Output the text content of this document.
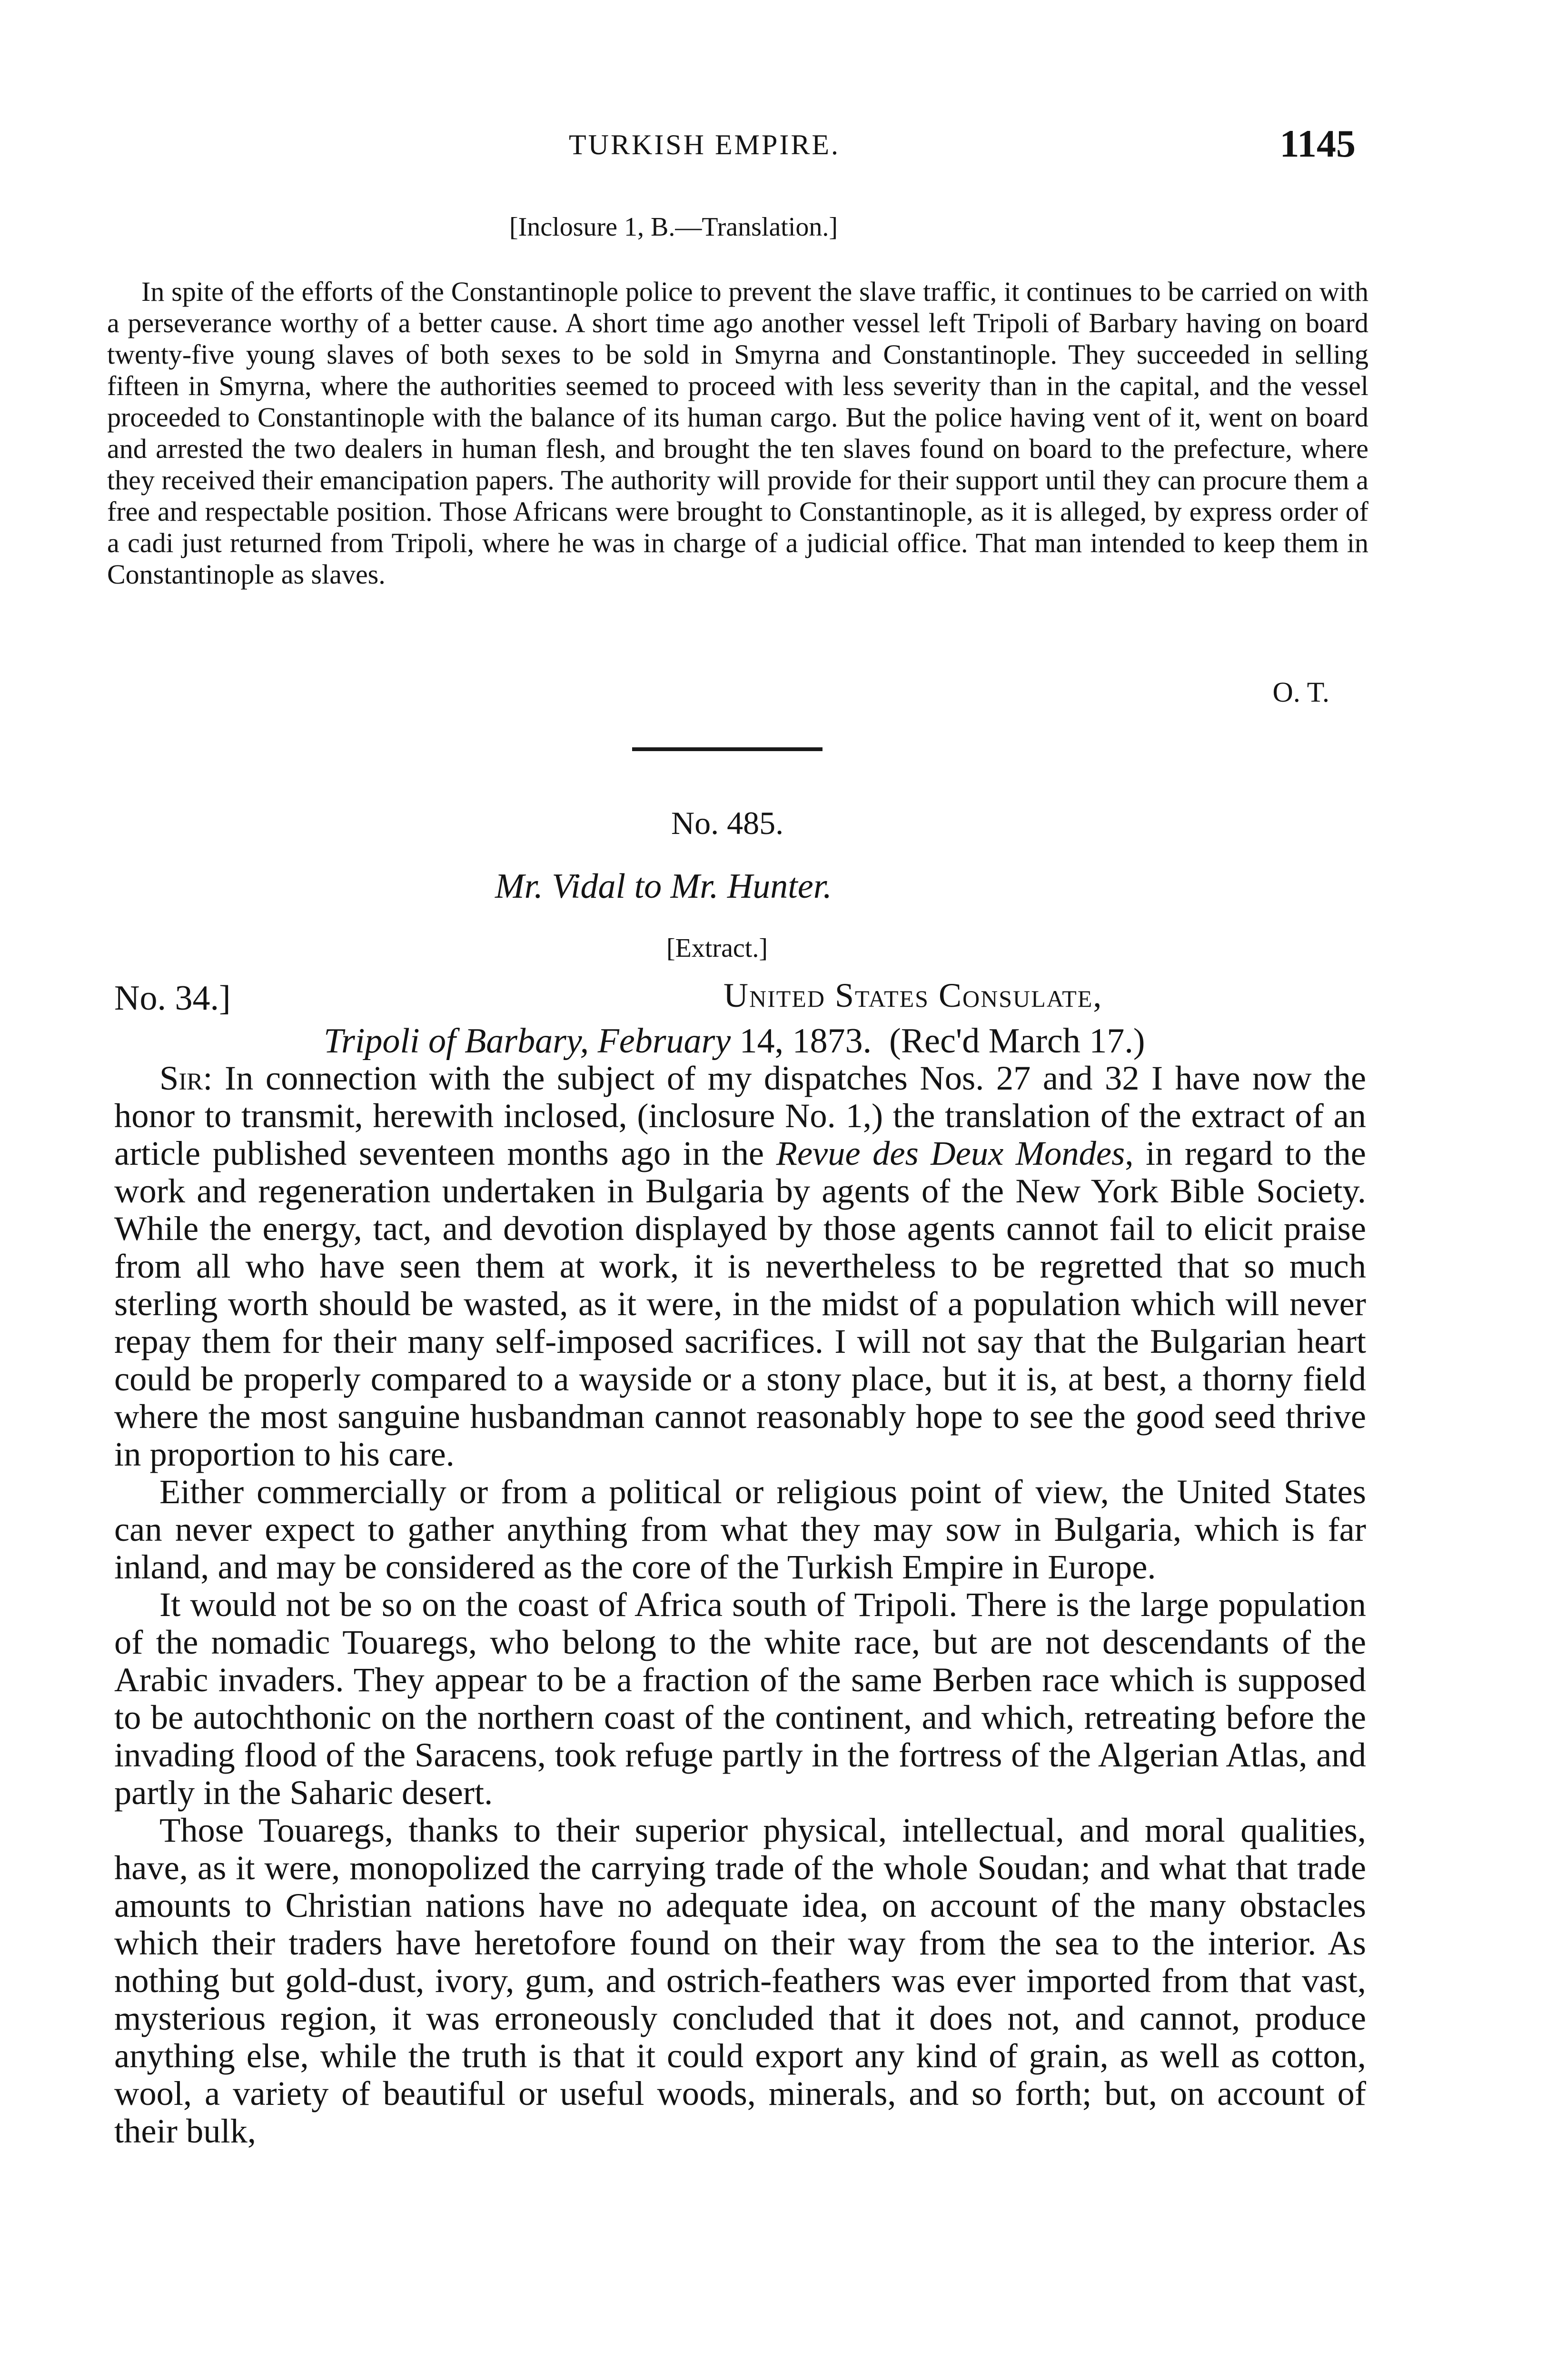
TURKISH EMPIRE.	1145
[Inclosure 1, B.—Translation.]

In spite of the efforts of the Constantinople police to prevent the slave traffic, it continues to be carried on with a perseverance worthy of a better cause. A short time ago another vessel left Tripoli of Barbary having on board twenty-five young slaves of both sexes to be sold in Smyrna and Constantinople. They succeeded in selling fifteen in Smyrna, where the authorities seemed to proceed with less severity than in the capital, and the vessel proceeded to Constantinople with the balance of its human cargo. But the police having vent of it, went on board and arrested the two dealers in human flesh, and brought the ten slaves found on board to the prefecture, where they received their emancipation papers. The authority will provide for their support until they can procure them a free and respectable position. Those Africans were brought to Constantinople, as it is alleged, by express order of a cadi just returned from Tripoli, where he was in charge of a judicial office. That man intended to keep them in Constantinople as slaves.

O. T.
No. 485.
Mr. Vidal to Mr. Hunter.
[Extract.]
No. 34.]	United States Consulate,
Tripoli of Barbary, February 14, 1873. (Rec'd March 17.)

Sir: In connection with the subject of my dispatches Nos. 27 and 32 I have now the honor to transmit, herewith inclosed, (inclosure No. 1,) the translation of the extract of an article published seventeen months ago in the Revue des Deux Mondes, in regard to the work and regeneration undertaken in Bulgaria by agents of the New York Bible Society. While the energy, tact, and devotion displayed by those agents cannot fail to elicit praise from all who have seen them at work, it is nevertheless to be regretted that so much sterling worth should be wasted, as it were, in the midst of a population which will never repay them for their many self-imposed sacrifices. I will not say that the Bulgarian heart could be properly compared to a wayside or a stony place, but it is, at best, a thorny field where the most sanguine husbandman cannot reasonably hope to see the good seed thrive in proportion to his care.

Either commercially or from a political or religious point of view, the United States can never expect to gather anything from what they may sow in Bulgaria, which is far inland, and may be considered as the core of the Turkish Empire in Europe.

It would not be so on the coast of Africa south of Tripoli. There is the large population of the nomadic Touaregs, who belong to the white race, but are not descendants of the Arabic invaders. They appear to be a fraction of the same Berben race which is supposed to be autochthonic on the northern coast of the continent, and which, retreating before the invading flood of the Saracens, took refuge partly in the fortress of the Algerian Atlas, and partly in the Saharic desert.

Those Touaregs, thanks to their superior physical, intellectual, and moral qualities, have, as it were, monopolized the carrying trade of the whole Soudan; and what that trade amounts to Christian nations have no adequate idea, on account of the many obstacles which their traders have heretofore found on their way from the sea to the interior. As nothing but gold-dust, ivory, gum, and ostrich-feathers was ever imported from that vast, mysterious region, it was erroneously concluded that it does not, and cannot, produce anything else, while the truth is that it could export any kind of grain, as well as cotton, wool, a variety of beautiful or useful woods, minerals, and so forth; but, on account of their bulk,
